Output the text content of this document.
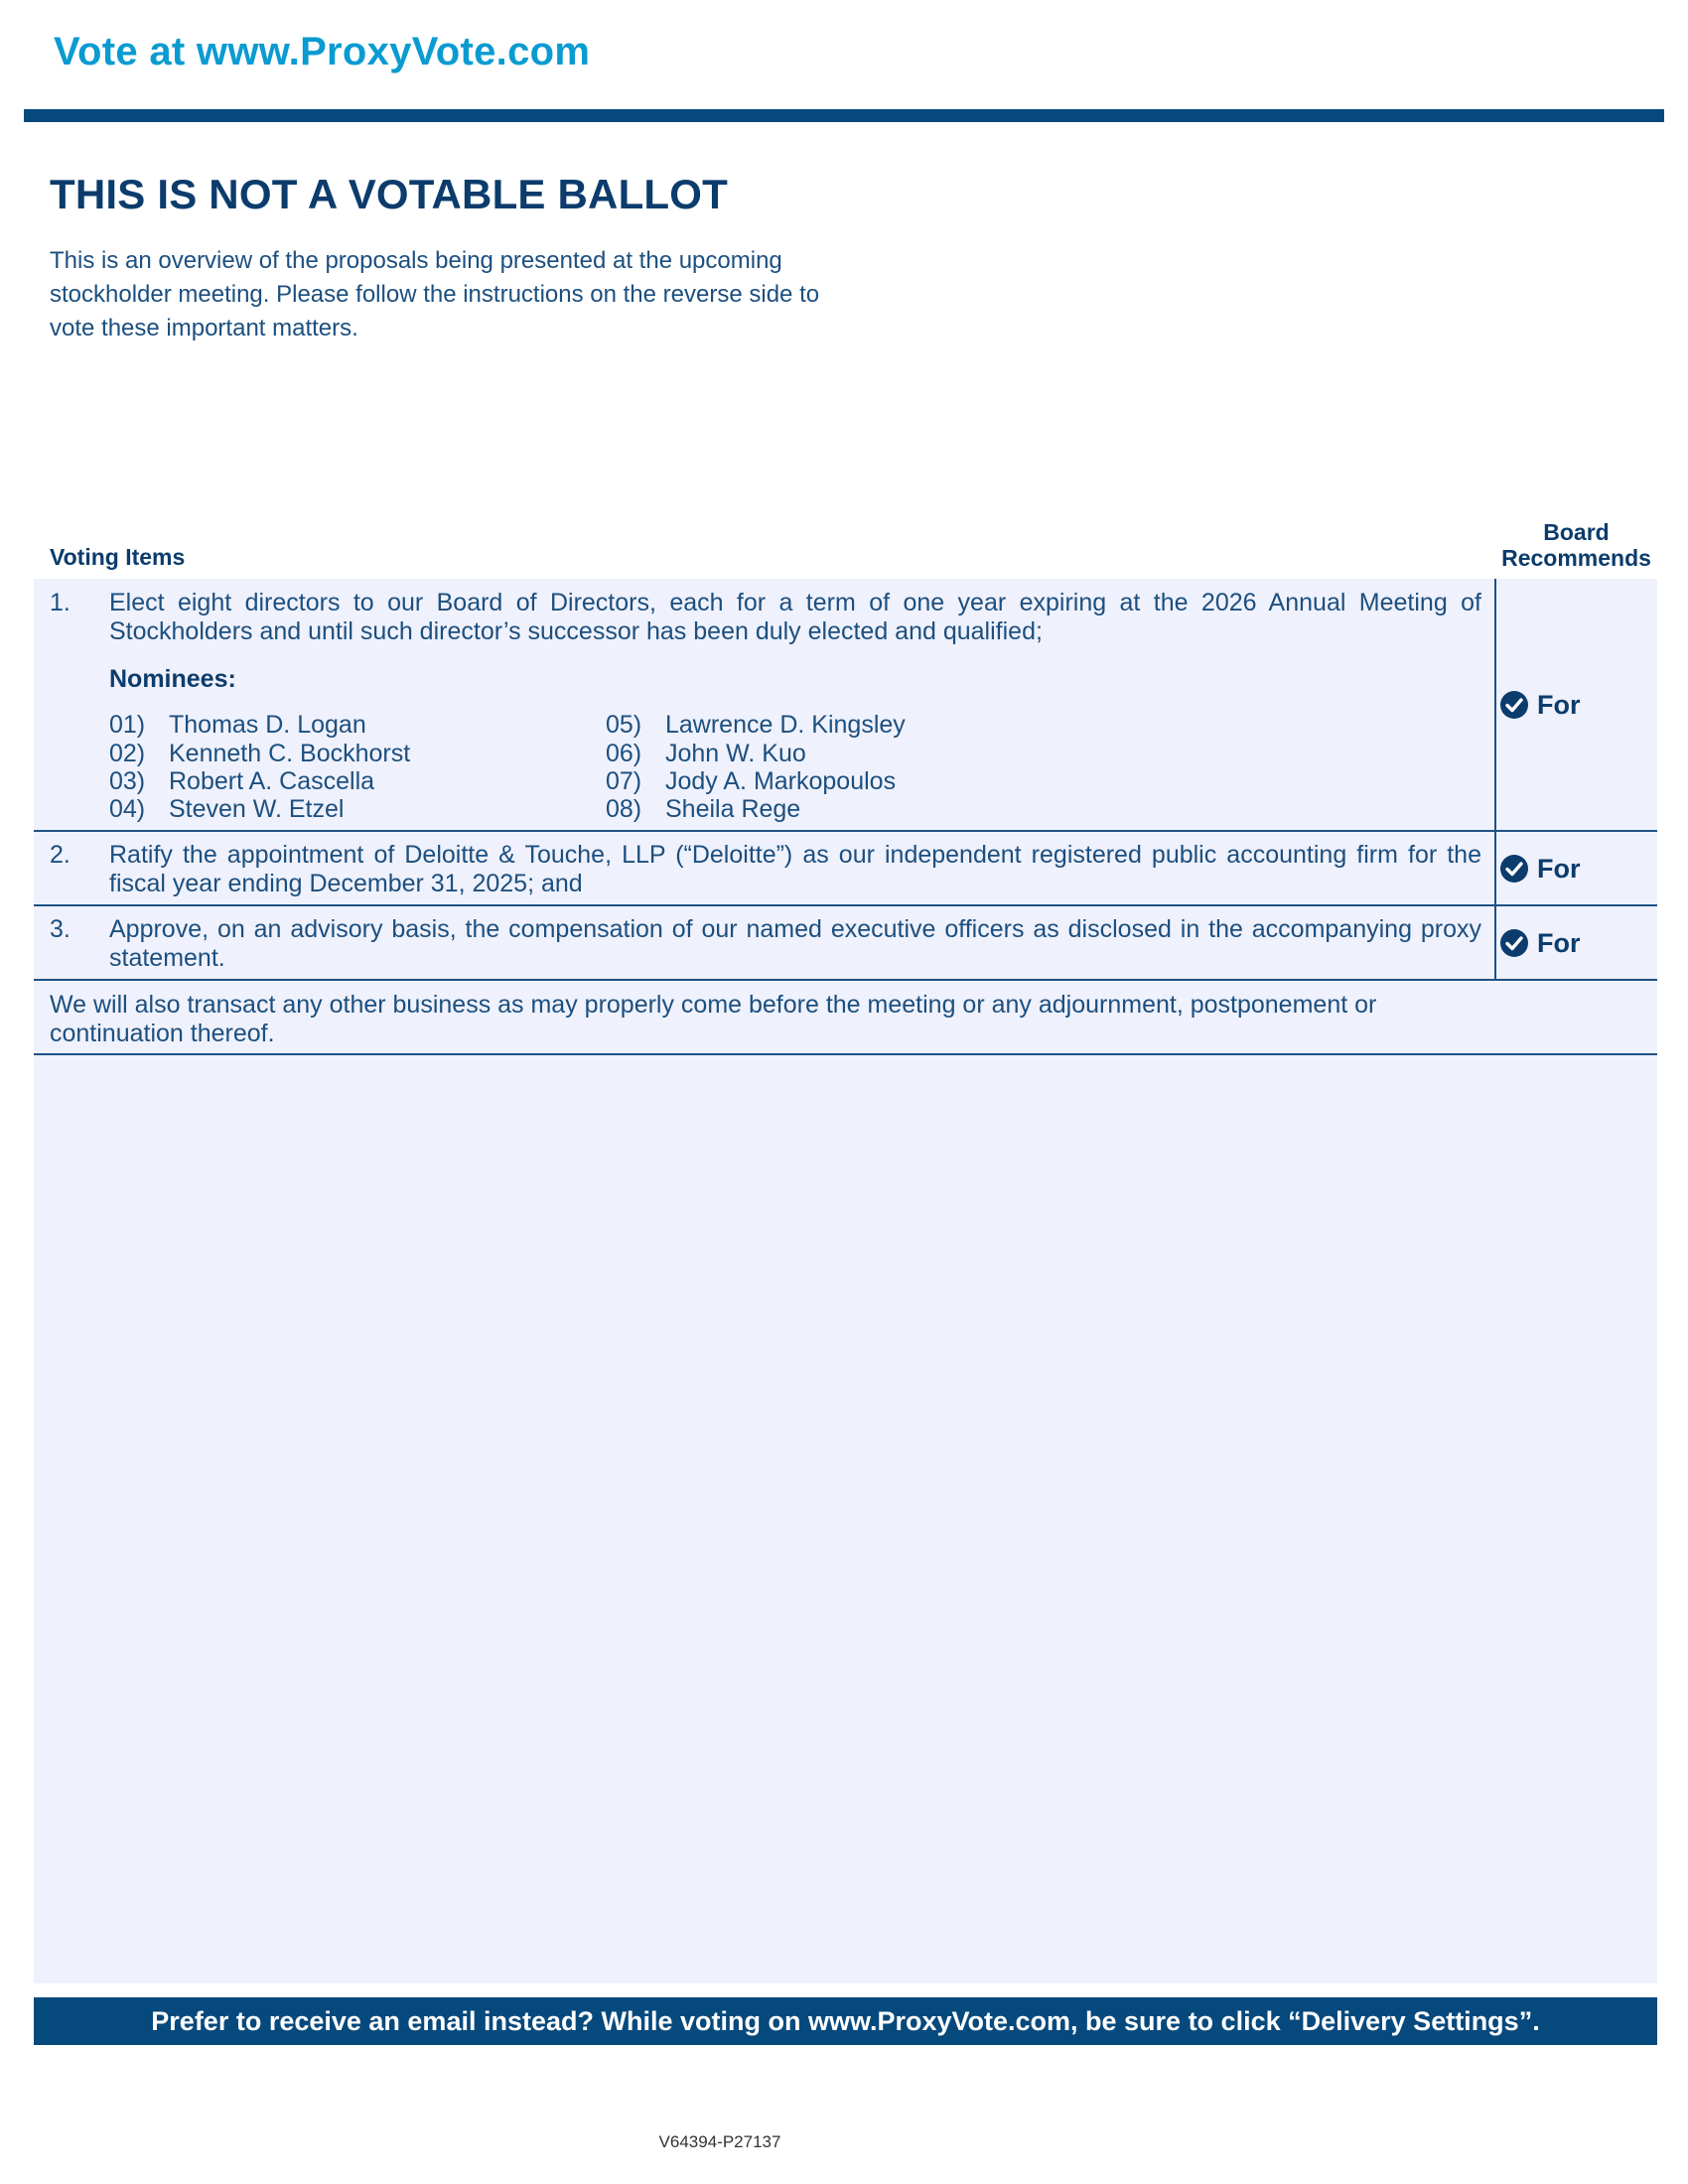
Vote at www.ProxyVote.com
THIS IS NOT A VOTABLE BALLOT
This is an overview of the proposals being presented at the upcoming stockholder meeting. Please follow the instructions on the reverse side to vote these important matters.
Voting Items
Board Recommends
1. Elect eight directors to our Board of Directors, each for a term of one year expiring at the 2026 Annual Meeting of Stockholders and until such director’s successor has been duly elected and qualified;
Nominees:
01) Thomas D. Logan
02) Kenneth C. Bockhorst
03) Robert A. Cascella
04) Steven W. Etzel
05) Lawrence D. Kingsley
06) John W. Kuo
07) Jody A. Markopoulos
08) Sheila Rege
For
2. Ratify the appointment of Deloitte & Touche, LLP (“Deloitte”) as our independent registered public accounting firm for the fiscal year ending December 31, 2025; and
For
3. Approve, on an advisory basis, the compensation of our named executive officers as disclosed in the accompanying proxy statement.
For
We will also transact any other business as may properly come before the meeting or any adjournment, postponement or continuation thereof.
Prefer to receive an email instead? While voting on www.ProxyVote.com, be sure to click “Delivery Settings”.
V64394-P27137
